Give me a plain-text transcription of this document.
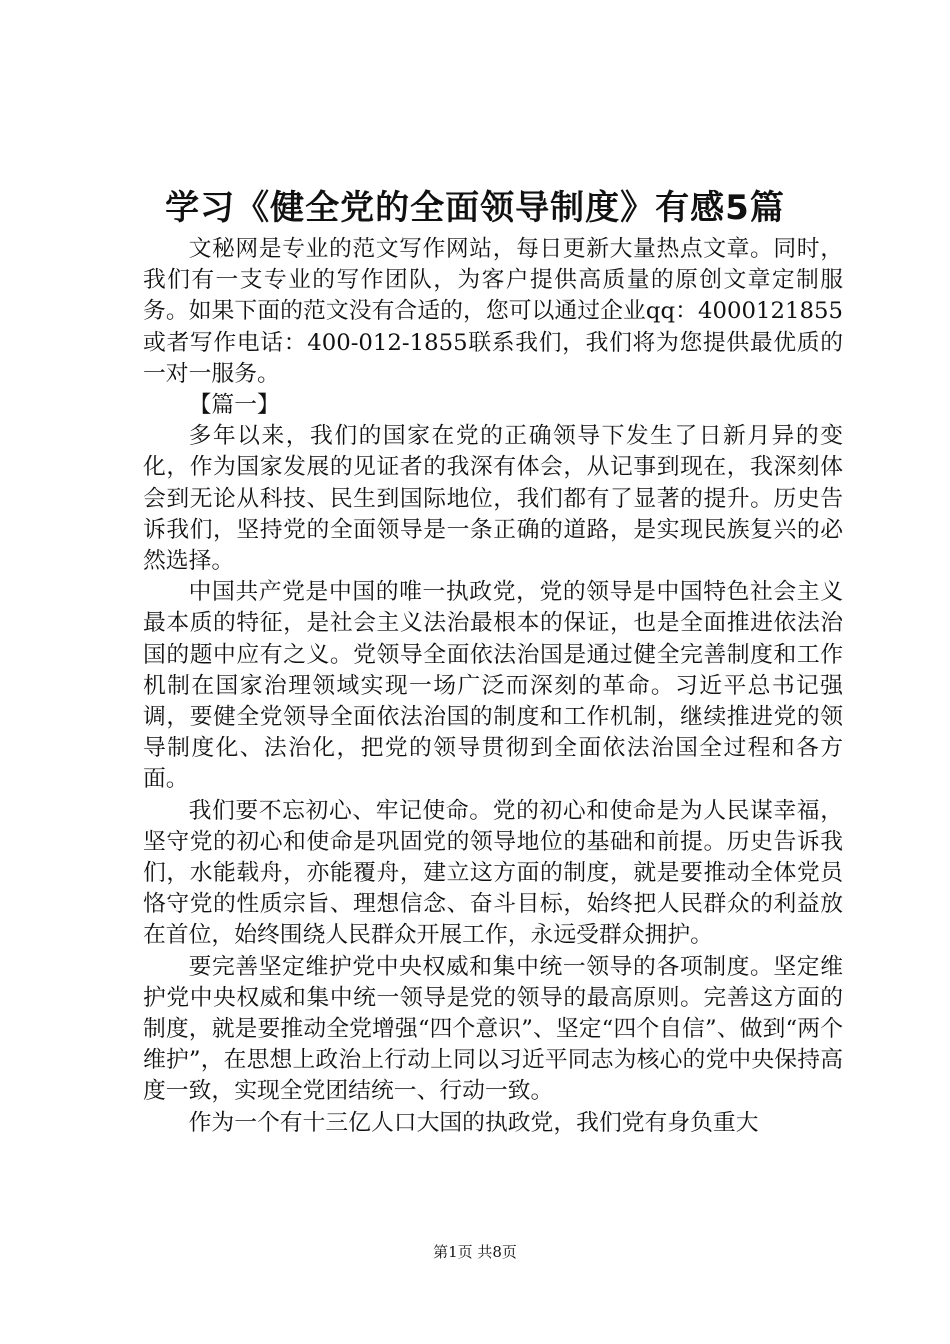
学习《健全党的全面领导制度》有感5篇

文秘网是专业的范文写作网站，每日更新大量热点文章。同时，我们有一支专业的写作团队，为客户提供高质量的原创文章定制服务。如果下面的范文没有合适的，您可以通过企业qq：4000121855或者写作电话：400-012-1855联系我们，我们将为您提供最优质的一对一服务。

【篇一】

多年以来，我们的国家在党的正确领导下发生了日新月异的变化，作为国家发展的见证者的我深有体会，从记事到现在，我深刻体会到无论从科技、民生到国际地位，我们都有了显著的提升。历史告诉我们，坚持党的全面领导是一条正确的道路，是实现民族复兴的必然选择。

中国共产党是中国的唯一执政党，党的领导是中国特色社会主义最本质的特征，是社会主义法治最根本的保证，也是全面推进依法治国的题中应有之义。党领导全面依法治国是通过健全完善制度和工作机制在国家治理领域实现一场广泛而深刻的革命。习近平总书记强调，要健全党领导全面依法治国的制度和工作机制，继续推进党的领导制度化、法治化，把党的领导贯彻到全面依法治国全过程和各方面。

我们要不忘初心、牢记使命。党的初心和使命是为人民谋幸福，坚守党的初心和使命是巩固党的领导地位的基础和前提。历史告诉我们，水能载舟，亦能覆舟，建立这方面的制度，就是要推动全体党员恪守党的性质宗旨、理想信念、奋斗目标，始终把人民群众的利益放在首位，始终围绕人民群众开展工作，永远受群众拥护。

要完善坚定维护党中央权威和集中统一领导的各项制度。坚定维护党中央权威和集中统一领导是党的领导的最高原则。完善这方面的制度，就是要推动全党增强“四个意识”、坚定“四个自信”、做到“两个维护”，在思想上政治上行动上同以习近平同志为核心的党中央保持高度一致，实现全党团结统一、行动一致。

作为一个有十三亿人口大国的执政党，我们党有身负重大

第1页 共8页
